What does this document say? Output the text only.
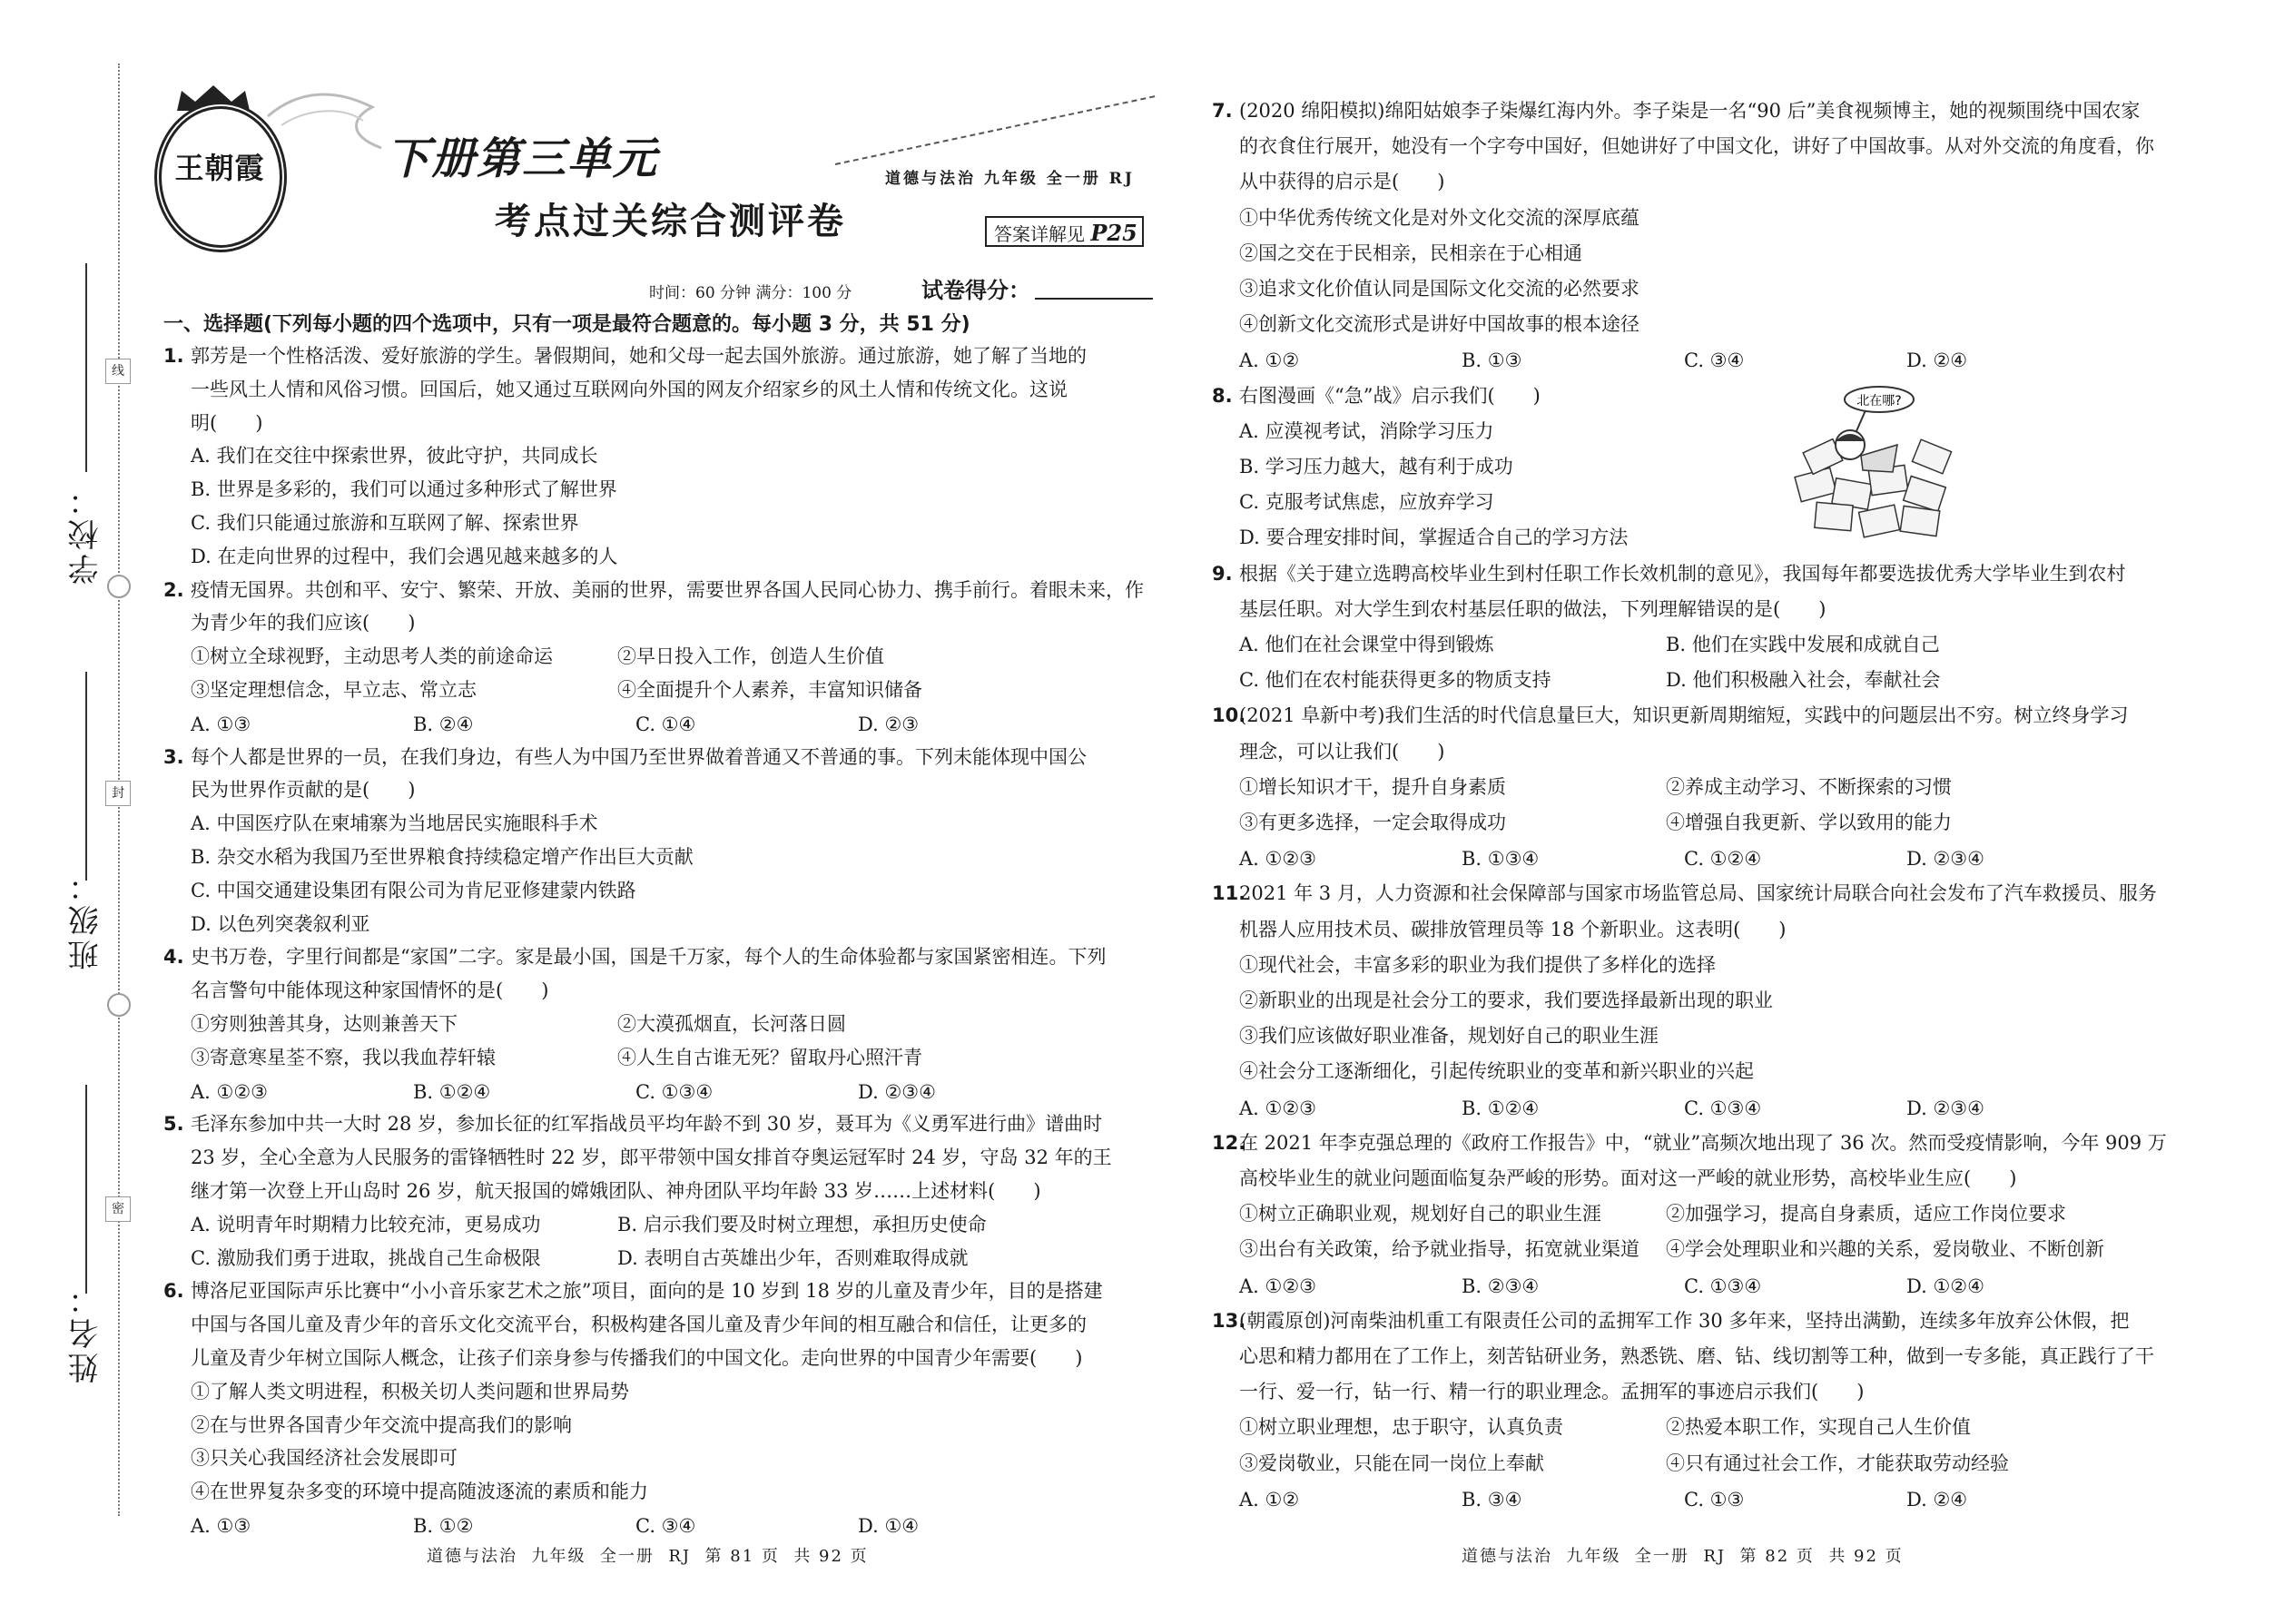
学校：
班级：
姓名：
线
封
密
王朝霞	下册第三单元
考点过关综合测评卷
道德与法治 九年级 全一册 RJ
答案详解见 P25
时间：60 分钟 满分：100 分	试卷得分：
一、选择题(下列每小题的四个选项中，只有一项是最符合题意的。每小题 3 分，共 51 分)
1. 郭芳是一个性格活泼、爱好旅游的学生。暑假期间，她和父母一起去国外旅游。通过旅游，她了解了当地的
一些风土人情和风俗习惯。回国后，她又通过互联网向外国的网友介绍家乡的风土人情和传统文化。这说
明(　　)
A. 我们在交往中探索世界，彼此守护，共同成长
B. 世界是多彩的，我们可以通过多种形式了解世界
C. 我们只能通过旅游和互联网了解、探索世界
D. 在走向世界的过程中，我们会遇见越来越多的人
2. 疫情无国界。共创和平、安宁、繁荣、开放、美丽的世界，需要世界各国人民同心协力、携手前行。着眼未来，作
为青少年的我们应该(　　)
①树立全球视野，主动思考人类的前途命运	②早日投入工作，创造人生价值
③坚定理想信念，早立志、常立志	④全面提升个人素养，丰富知识储备
A. ①③	B. ②④	C. ①④	D. ②③
3. 每个人都是世界的一员，在我们身边，有些人为中国乃至世界做着普通又不普通的事。下列未能体现中国公
民为世界作贡献的是(　　)
A. 中国医疗队在柬埔寨为当地居民实施眼科手术
B. 杂交水稻为我国乃至世界粮食持续稳定增产作出巨大贡献
C. 中国交通建设集团有限公司为肯尼亚修建蒙内铁路
D. 以色列突袭叙利亚
4. 史书万卷，字里行间都是“家国”二字。家是最小国，国是千万家，每个人的生命体验都与家国紧密相连。下列
名言警句中能体现这种家国情怀的是(　　)
①穷则独善其身，达则兼善天下	②大漠孤烟直，长河落日圆
③寄意寒星荃不察，我以我血荐轩辕	④人生自古谁无死？留取丹心照汗青
A. ①②③	B. ①②④	C. ①③④	D. ②③④
5. 毛泽东参加中共一大时 28 岁，参加长征的红军指战员平均年龄不到 30 岁，聂耳为《义勇军进行曲》谱曲时
23 岁，全心全意为人民服务的雷锋牺牲时 22 岁，郎平带领中国女排首夺奥运冠军时 24 岁，守岛 32 年的王
继才第一次登上开山岛时 26 岁，航天报国的嫦娥团队、神舟团队平均年龄 33 岁……上述材料(　　)
A. 说明青年时期精力比较充沛，更易成功	B. 启示我们要及时树立理想，承担历史使命
C. 激励我们勇于进取，挑战自己生命极限	D. 表明自古英雄出少年，否则难取得成就
6. 博洛尼亚国际声乐比赛中“小小音乐家艺术之旅”项目，面向的是 10 岁到 18 岁的儿童及青少年，目的是搭建
中国与各国儿童及青少年的音乐文化交流平台，积极构建各国儿童及青少年间的相互融合和信任，让更多的
儿童及青少年树立国际人概念，让孩子们亲身参与传播我们的中国文化。走向世界的中国青少年需要(　　)
①了解人类文明进程，积极关切人类问题和世界局势
②在与世界各国青少年交流中提高我们的影响
③只关心我国经济社会发展即可
④在世界复杂多变的环境中提高随波逐流的素质和能力
A. ①③	B. ①②	C. ③④	D. ①④
7. (2020 绵阳模拟)绵阳姑娘李子柒爆红海内外。李子柒是一名“90 后”美食视频博主，她的视频围绕中国农家
的衣食住行展开，她没有一个字夸中国好，但她讲好了中国文化，讲好了中国故事。从对外交流的角度看，你
从中获得的启示是(　　)
①中华优秀传统文化是对外文化交流的深厚底蕴
②国之交在于民相亲，民相亲在于心相通
③追求文化价值认同是国际文化交流的必然要求
④创新文化交流形式是讲好中国故事的根本途径
A. ①②	B. ①③	C. ③④	D. ②④
8. 右图漫画《“急”战》启示我们(　　)
A. 应漠视考试，消除学习压力
B. 学习压力越大，越有利于成功
C. 克服考试焦虑，应放弃学习
D. 要合理安排时间，掌握适合自己的学习方法
9. 根据《关于建立选聘高校毕业生到村任职工作长效机制的意见》，我国每年都要选拔优秀大学毕业生到农村
基层任职。对大学生到农村基层任职的做法，下列理解错误的是(　　)
A. 他们在社会课堂中得到锻炼	B. 他们在实践中发展和成就自己
C. 他们在农村能获得更多的物质支持	D. 他们积极融入社会，奉献社会
10.(2021 阜新中考)我们生活的时代信息量巨大，知识更新周期缩短，实践中的问题层出不穷。树立终身学习
理念，可以让我们(　　)
①增长知识才干，提升自身素质	②养成主动学习、不断探索的习惯
③有更多选择，一定会取得成功	④增强自我更新、学以致用的能力
A. ①②③	B. ①③④	C. ①②④	D. ②③④
11.2021 年 3 月，人力资源和社会保障部与国家市场监管总局、国家统计局联合向社会发布了汽车救援员、服务
机器人应用技术员、碳排放管理员等 18 个新职业。这表明(　　)
①现代社会，丰富多彩的职业为我们提供了多样化的选择
②新职业的出现是社会分工的要求，我们要选择最新出现的职业
③我们应该做好职业准备，规划好自己的职业生涯
④社会分工逐渐细化，引起传统职业的变革和新兴职业的兴起
A. ①②③	B. ①②④	C. ①③④	D. ②③④
12.在 2021 年李克强总理的《政府工作报告》中，“就业”高频次地出现了 36 次。然而受疫情影响，今年 909 万
高校毕业生的就业问题面临复杂严峻的形势。面对这一严峻的就业形势，高校毕业生应(　　)
①树立正确职业观，规划好自己的职业生涯	②加强学习，提高自身素质，适应工作岗位要求
③出台有关政策，给予就业指导，拓宽就业渠道 ④学会处理职业和兴趣的关系，爱岗敬业、不断创新
A. ①②③	B. ②③④	C. ①③④	D. ①②④
13.(朝霞原创)河南柴油机重工有限责任公司的孟拥军工作 30 多年来，坚持出满勤，连续多年放弃公休假，把
心思和精力都用在了工作上，刻苦钻研业务，熟悉铣、磨、钻、线切割等工种，做到一专多能，真正践行了干
一行、爱一行，钻一行、精一行的职业理念。孟拥军的事迹启示我们(　　)
①树立职业理想，忠于职守，认真负责	②热爱本职工作，实现自己人生价值
③爱岗敬业，只能在同一岗位上奉献	④只有通过社会工作，才能获取劳动经验
A. ①②	B. ③④	C. ①③	D. ②④
北在哪?
道德与法治  九年级  全一册  RJ  第 81 页  共 92 页	道德与法治  九年级  全一册  RJ  第 82 页  共 92 页
